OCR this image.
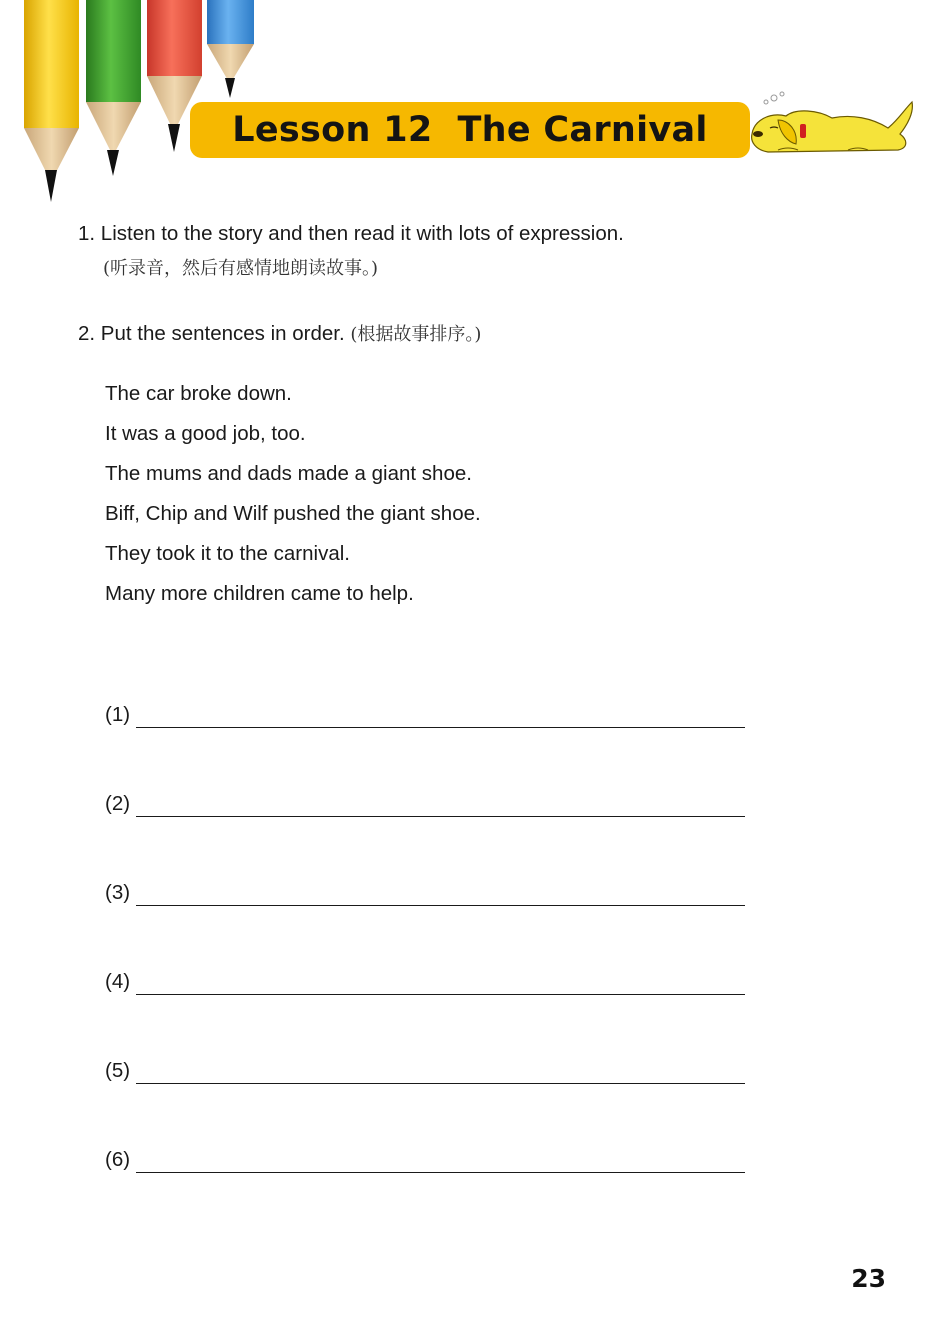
Lesson 12  The Carnival
1. Listen to the story and then read it with lots of expression.
(听录音，然后有感情地朗读故事。)
2. Put the sentences in order. (根据故事排序。)
The car broke down.
It was a good job, too.
The mums and dads made a giant shoe.
Biff, Chip and Wilf pushed the giant shoe.
They took it to the carnival.
Many more children came to help.
(1)
(2)
(3)
(4)
(5)
(6)
23
